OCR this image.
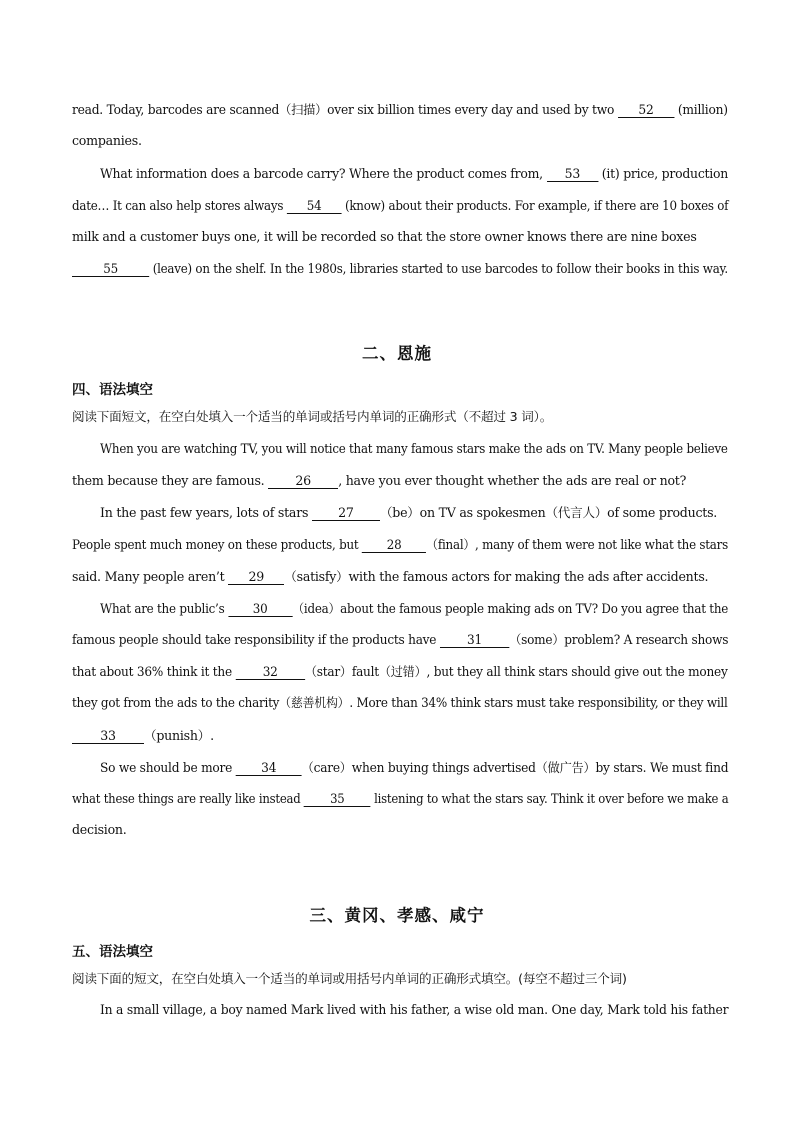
read. Today, barcodes are scanned（扫描）over six billion times every day and used by two 52 (million)

companies.

What information does a barcode carry? Where the product comes from, 53 (it) price, production

date… It can also help stores always 54 (know) about their products. For example, if there are 10 boxes of

milk and a customer buys one, it will be recorded so that the store owner knows there are nine boxes

55 (leave) on the shelf. In the 1980s, libraries started to use barcodes to follow their books in this way.

二、恩施
四、语法填空

阅读下面短文，在空白处填入一个适当的单词或括号内单词的正确形式（不超过 3 词）。

When you are watching TV, you will notice that many famous stars make the ads on TV. Many people believe

them because they are famous. 26 , have you ever thought whether the ads are real or not?

In the past few years, lots of stars 27 （be）on TV as spokesmen（代言人）of some products.

People spent much money on these products, but 28 （final）, many of them were not like what the stars

said. Many people aren’t 29 （satisfy）with the famous actors for making the ads after accidents.

What are the public’s 30 （idea）about the famous people making ads on TV? Do you agree that the

famous people should take responsibility if the products have 31 （some）problem? A research shows

that about 36% think it the 32 （star）fault（过错）, but they all think stars should give out the money

they got from the ads to the charity（慈善机构）. More than 34% think stars must take responsibility, or they will

33 （punish）.

So we should be more 34 （care）when buying things advertised（做广告）by stars. We must find

what these things are really like instead 35 listening to what the stars say. Think it over before we make a

decision.

三、黄冈、孝感、咸宁
五、语法填空

阅读下面的短文，在空白处填入一个适当的单词或用括号内单词的正确形式填空。(每空不超过三个词)

In a small village, a boy named Mark lived with his father, a wise old man. One day, Mark told his father
